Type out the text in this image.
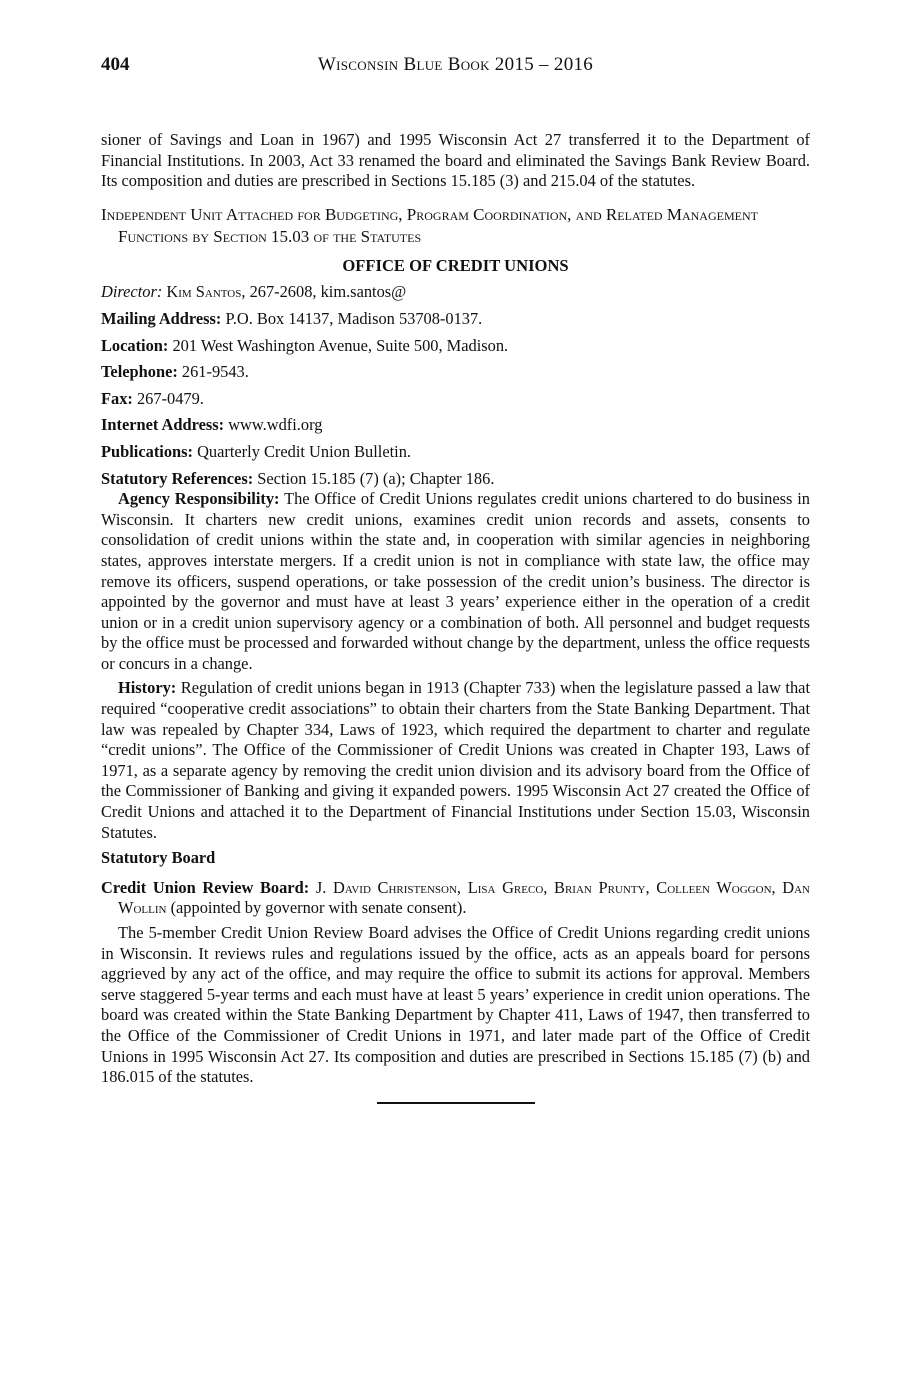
404	Wisconsin Blue Book 2015 – 2016

sioner of Savings and Loan in 1967) and 1995 Wisconsin Act 27 transferred it to the Department of Financial Institutions. In 2003, Act 33 renamed the board and eliminated the Savings Bank Review Board. Its composition and duties are prescribed in Sections 15.185 (3) and 215.04 of the statutes.

Independent Unit Attached for Budgeting, Program Coordination, and Related Management Functions by Section 15.03 of the Statutes

OFFICE OF CREDIT UNIONS

Director: Kim Santos, 267-2608, kim.santos@

Mailing Address: P.O. Box 14137, Madison 53708-0137.

Location: 201 West Washington Avenue, Suite 500, Madison.

Telephone: 261-9543.

Fax: 267-0479.

Internet Address: www.wdfi.org

Publications: Quarterly Credit Union Bulletin.

Statutory References: Section 15.185 (7) (a); Chapter 186.

Agency Responsibility: The Office of Credit Unions regulates credit unions chartered to do business in Wisconsin. It charters new credit unions, examines credit union records and assets, consents to consolidation of credit unions within the state and, in cooperation with similar agencies in neighboring states, approves interstate mergers. If a credit union is not in compliance with state law, the office may remove its officers, suspend operations, or take possession of the credit union’s business. The director is appointed by the governor and must have at least 3 years’ experience either in the operation of a credit union or in a credit union supervisory agency or a combination of both. All personnel and budget requests by the office must be processed and forwarded without change by the department, unless the office requests or concurs in a change.

History: Regulation of credit unions began in 1913 (Chapter 733) when the legislature passed a law that required “cooperative credit associations” to obtain their charters from the State Banking Department. That law was repealed by Chapter 334, Laws of 1923, which required the department to charter and regulate “credit unions”. The Office of the Commissioner of Credit Unions was created in Chapter 193, Laws of 1971, as a separate agency by removing the credit union division and its advisory board from the Office of the Commissioner of Banking and giving it expanded powers. 1995 Wisconsin Act 27 created the Office of Credit Unions and attached it to the Department of Financial Institutions under Section 15.03, Wisconsin Statutes.

Statutory Board

Credit Union Review Board: J. David Christenson, Lisa Greco, Brian Prunty, Colleen Woggon, Dan Wollin (appointed by governor with senate consent).

The 5-member Credit Union Review Board advises the Office of Credit Unions regarding credit unions in Wisconsin. It reviews rules and regulations issued by the office, acts as an appeals board for persons aggrieved by any act of the office, and may require the office to submit its actions for approval. Members serve staggered 5-year terms and each must have at least 5 years’ experience in credit union operations. The board was created within the State Banking Department by Chapter 411, Laws of 1947, then transferred to the Office of the Commissioner of Credit Unions in 1971, and later made part of the Office of Credit Unions in 1995 Wisconsin Act 27. Its composition and duties are prescribed in Sections 15.185 (7) (b) and 186.015 of the statutes.
